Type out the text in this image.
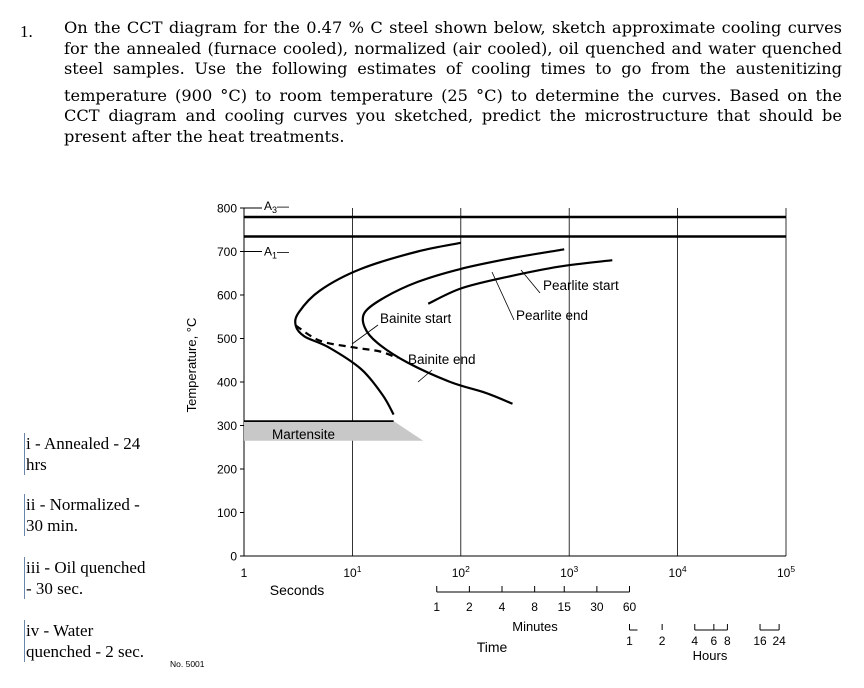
1. On the CCT diagram for the 0.47 % C steel shown below, sketch approximate cooling curves
for the annealed (furnace cooled), normalized (air cooled), oil quenched and water quenched
steel samples. Use the following estimates of cooling times to go from the austenitizing
temperature (900 °C) to room temperature (25 °C) to determine the curves. Based on the
CCT diagram and cooling curves you sketched, predict the microstructure that should be
present after the heat treatments.
800
700
600
500
400
300
200
100
0
1	$10^1$	$10^2$	$10^3$	$10^4$	$10^5$
$A_3—$
$A_1—$
1 2 4 8 15 30 60
1 2 4 6 8 16 24
Temperature, °C
Seconds
Minutes
Time
Hours
No. 5001
Pearlite start
Pearlite end
Bainite start
Bainite end
Martensite
i - Annealed - 24
hrs
ii - Normalized -
30 min.
iii - Oil quenched
- 30 sec.
iv - Water
quenched - 2 sec.
